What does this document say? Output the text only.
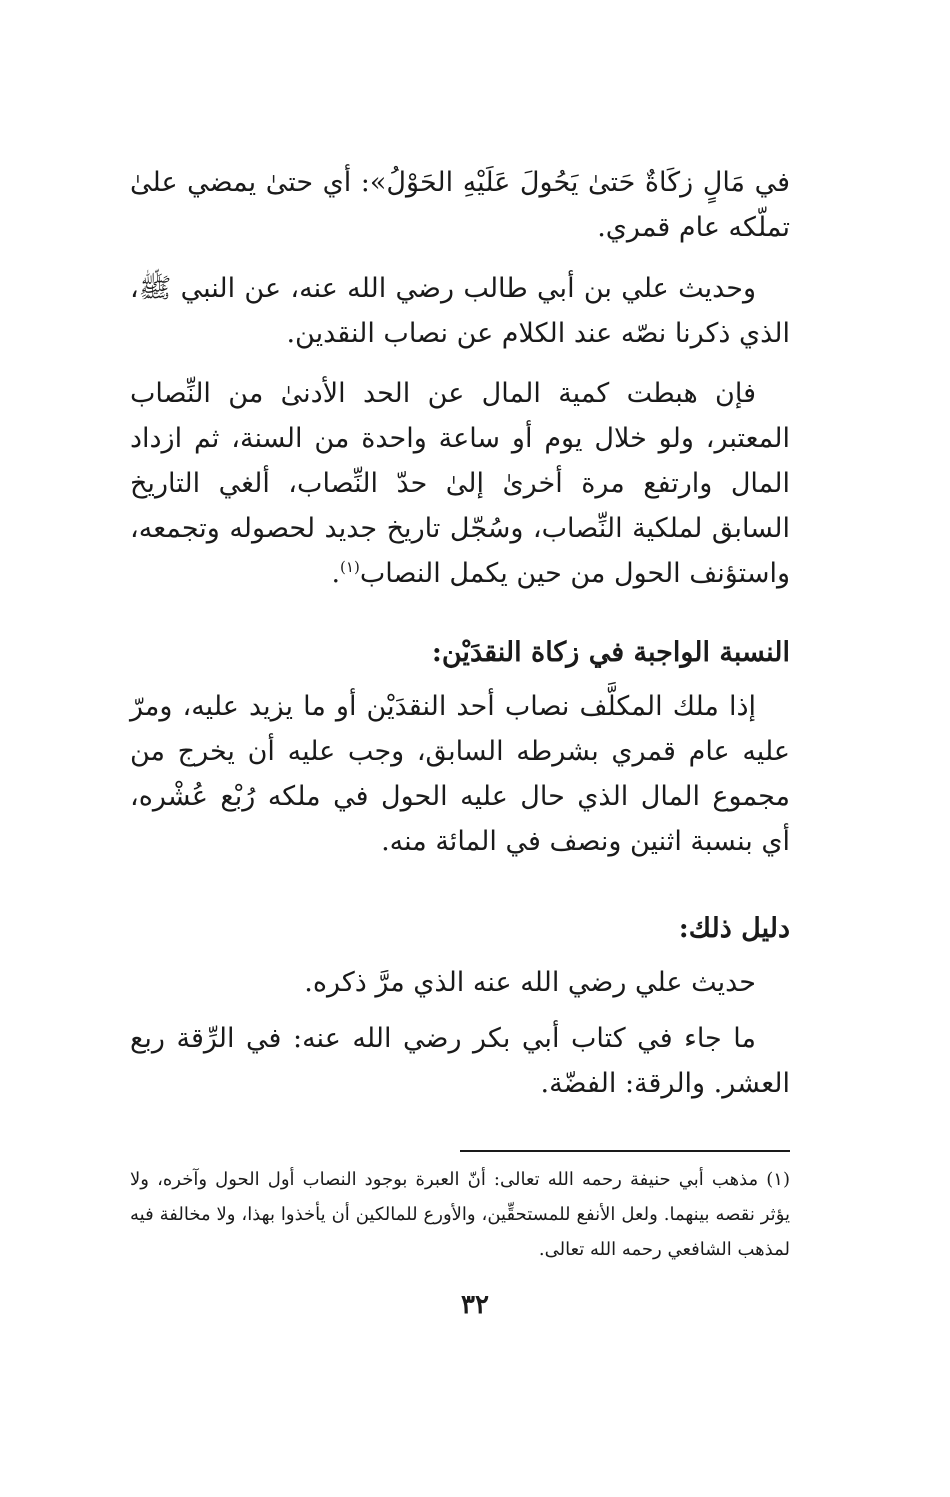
في مَالٍ زكَاةٌ حَتىٰ يَحُولَ عَلَيْهِ الحَوْلُ»: أي حتىٰ يمضي علىٰ تملّكه عام قمري.

وحديث علي بن أبي طالب رضي الله عنه، عن النبي ﷺ، الذي ذكرنا نصّه عند الكلام عن نصاب النقدين.

فإن هبطت كمية المال عن الحد الأدنىٰ من النِّصاب المعتبر، ولو خلال يوم أو ساعة واحدة من السنة، ثم ازداد المال وارتفع مرة أخرىٰ إلىٰ حدّ النِّصاب، ألغي التاريخ السابق لملكية النِّصاب، وسُجّل تاريخ جديد لحصوله وتجمعه، واستؤنف الحول من حين يكمل النصاب$^{(١)}$.

النسبة الواجبة في زكاة النقدَيْن:

إذا ملك المكلَّف نصاب أحد النقدَيْن أو ما يزيد عليه، ومرّ عليه عام قمري بشرطه السابق، وجب عليه أن يخرج من مجموع المال الذي حال عليه الحول في ملكه رُبْع عُشْره، أي بنسبة اثنين ونصف في المائة منه.

دليل ذلك:

حديث علي رضي الله عنه الذي مرَّ ذكره.

ما جاء في كتاب أبي بكر رضي الله عنه: في الرِّقة ربع العشر. والرقة: الفضّة.

(١) مذهب أبي حنيفة رحمه الله تعالى: أنّ العبرة بوجود النصاب أول الحول وآخره، ولا يؤثر نقصه بينهما. ولعل الأنفع للمستحقِّين، والأورع للمالكين أن يأخذوا بهذا، ولا مخالفة فيه لمذهب الشافعي رحمه الله تعالى.

٣٢
